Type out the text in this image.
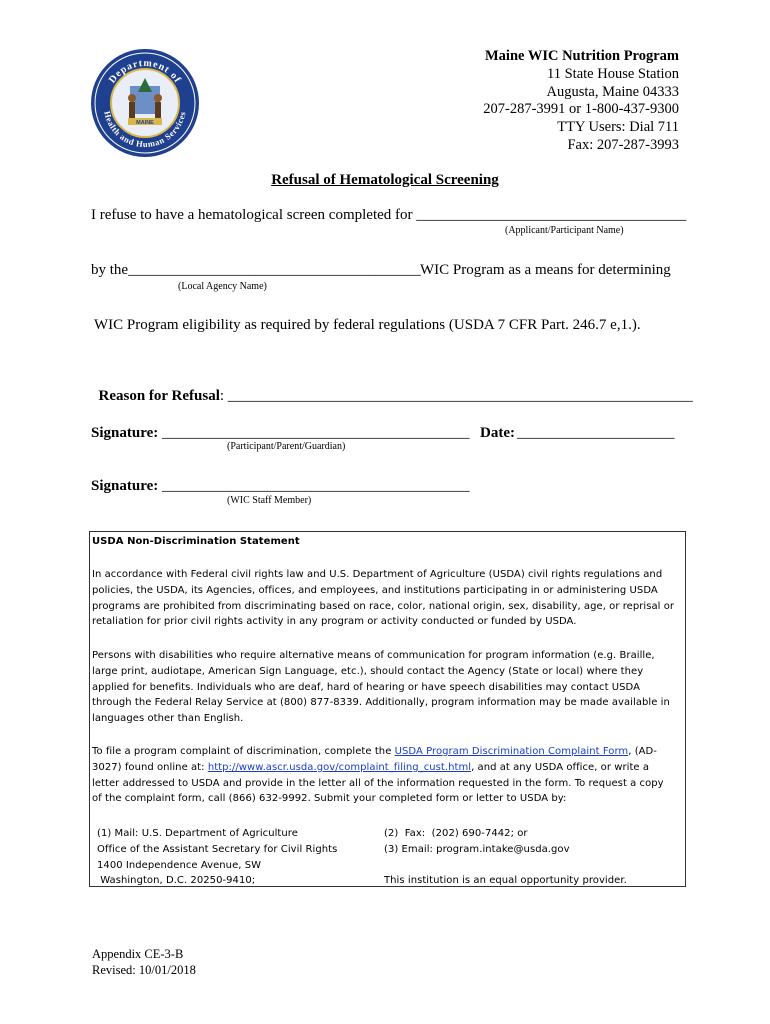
Department of
Health and Human Services
MAINE
Maine WIC Nutrition Program
11 State House Station
Augusta, Maine 04333
207-287-3991 or 1-800-437-9300
TTY Users: Dial 711
Fax: 207-287-3993
Refusal of Hematological Screening
I refuse to have a hematological screen completed for ____________________________________
(Applicant/Participant Name)
by the_______________________________________ WIC Program as a means for determining
(Local Agency Name)
WIC Program eligibility as required by federal regulations (USDA 7 CFR Part. 246.7 e,1.).

Reason for Refusal: ______________________________________________________________

Signature: _________________________________________
(Participant/Parent/Guardian)
Date: _____________________
Signature: _________________________________________
(WIC Staff Member)
USDA Non-Discrimination Statement
In accordance with Federal civil rights law and U.S. Department of Agriculture (USDA) civil rights regulations and
policies, the USDA, its Agencies, offices, and employees, and institutions participating in or administering USDA
programs are prohibited from discriminating based on race, color, national origin, sex, disability, age, or reprisal or
retaliation for prior civil rights activity in any program or activity conducted or funded by USDA.
Persons with disabilities who require alternative means of communication for program information (e.g. Braille,
large print, audiotape, American Sign Language, etc.), should contact the Agency (State or local) where they
applied for benefits. Individuals who are deaf, hard of hearing or have speech disabilities may contact USDA
through the Federal Relay Service at (800) 877-8339. Additionally, program information may be made available in
languages other than English.
To file a program complaint of discrimination, complete the USDA Program Discrimination Complaint Form, (AD-
3027) found online at: http://www.ascr.usda.gov/complaint_filing_cust.html, and at any USDA office, or write a
letter addressed to USDA and provide in the letter all of the information requested in the form. To request a copy
of the complaint form, call (866) 632-9992. Submit your completed form or letter to USDA by:
(1) Mail: U.S. Department of Agriculture
Office of the Assistant Secretary for Civil Rights
1400 Independence Avenue, SW
Washington, D.C. 20250-9410;
(2)  Fax:  (202) 690-7442; or
(3) Email: program.intake@usda.gov

This institution is an equal opportunity provider.
Appendix CE-3-B
Revised: 10/01/2018
